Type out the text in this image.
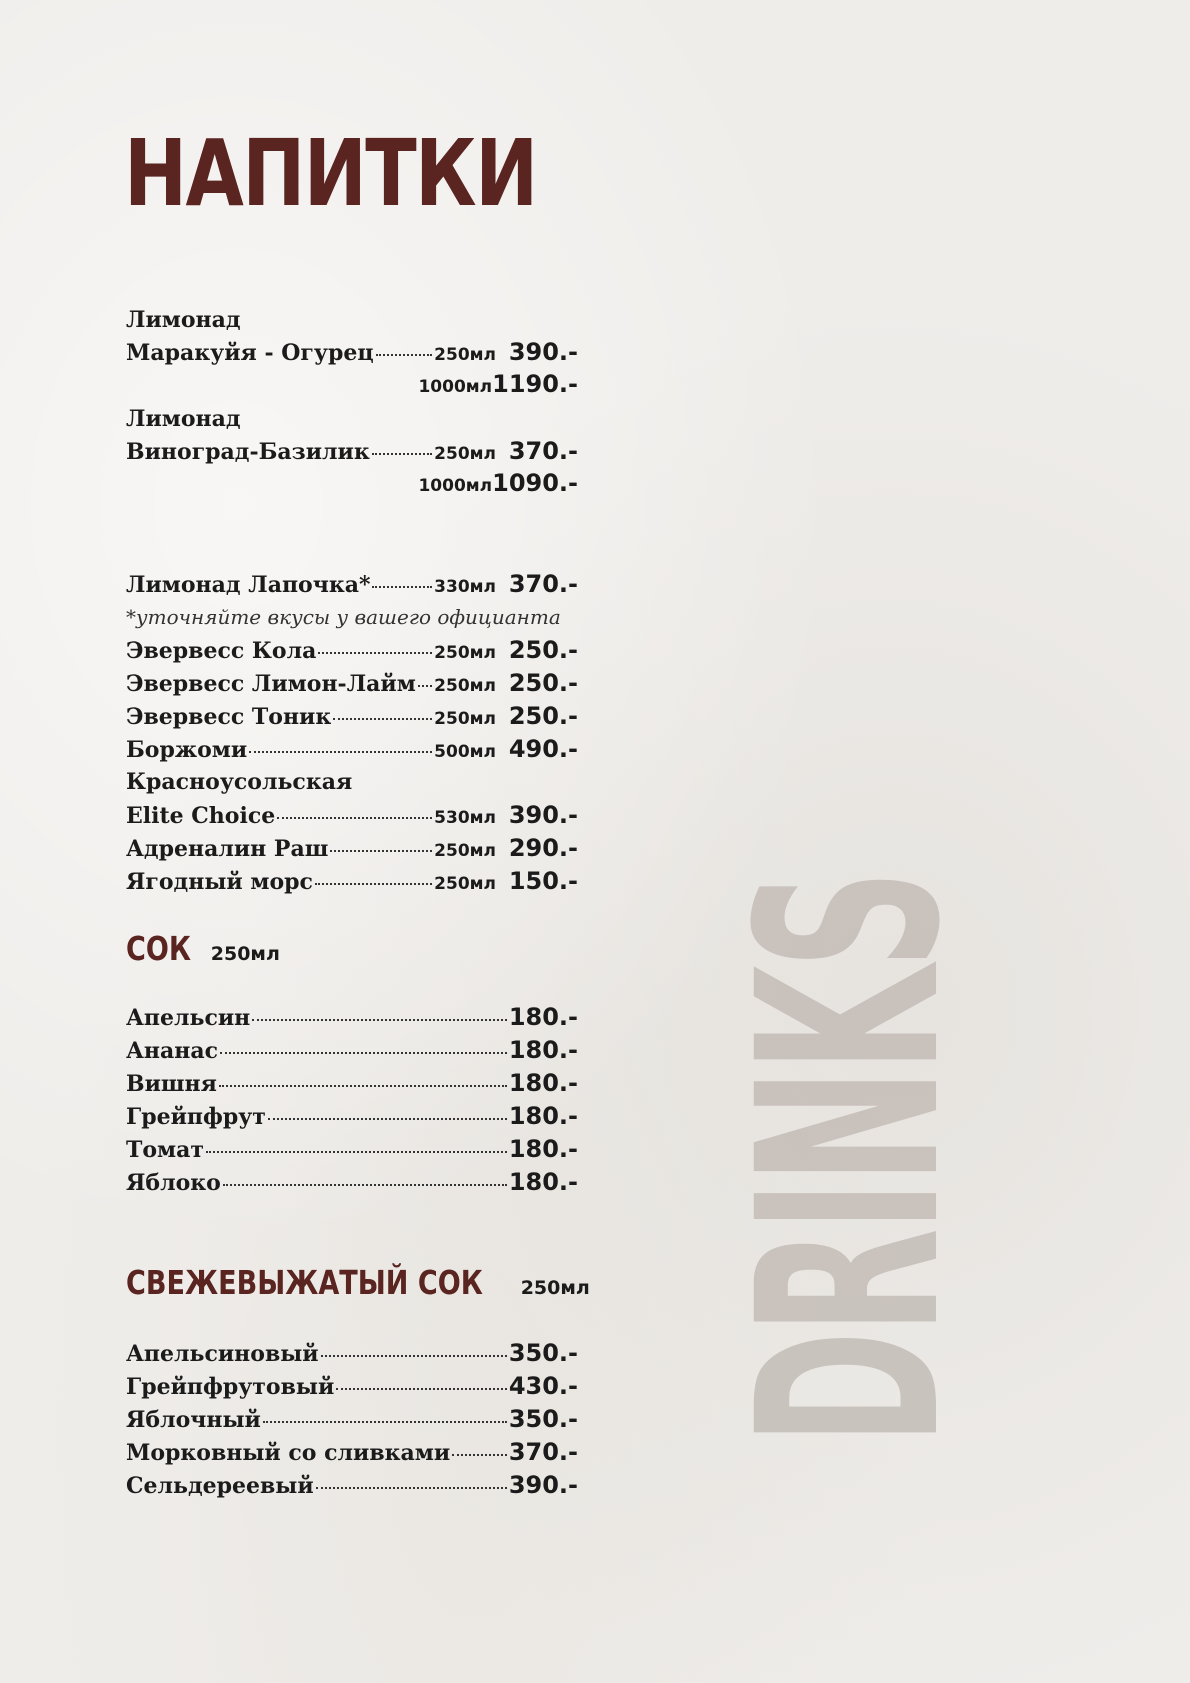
НАПИТКИ
Лимонад
Маракуйя - Огурец	250мл 390.-
1000мл 1190.-
Лимонад
Виноград-Базилик	250мл 370.-
1000мл 1090.-
Лимонад Лапочка*	330мл 370.-
*уточняйте вкусы у вашего официанта
Эвервесс Кола	250мл 250.-
Эвервесс Лимон-Лайм 250мл 250.-
Эвервесс Тоник	250мл 250.-
Боржоми	500мл 490.-
Красноусольская
Elite Choice	530мл 390.-
Адреналин Раш	250мл 290.-
Ягодный морс	250мл 150.-
СОК 250мл
Апельсин	180.-
Ананас	180.-
Вишня	180.-
Грейпфрут	180.-
Томат	180.-
Яблоко	180.-
СВЕЖЕВЫЖАТЫЙ СОК 250мл
Апельсиновый	350.-
Грейпфрутовый	430.-
Яблочный	350.-
Морковный со сливками 370.-
Сельдереевый	390.-
DRINKS
